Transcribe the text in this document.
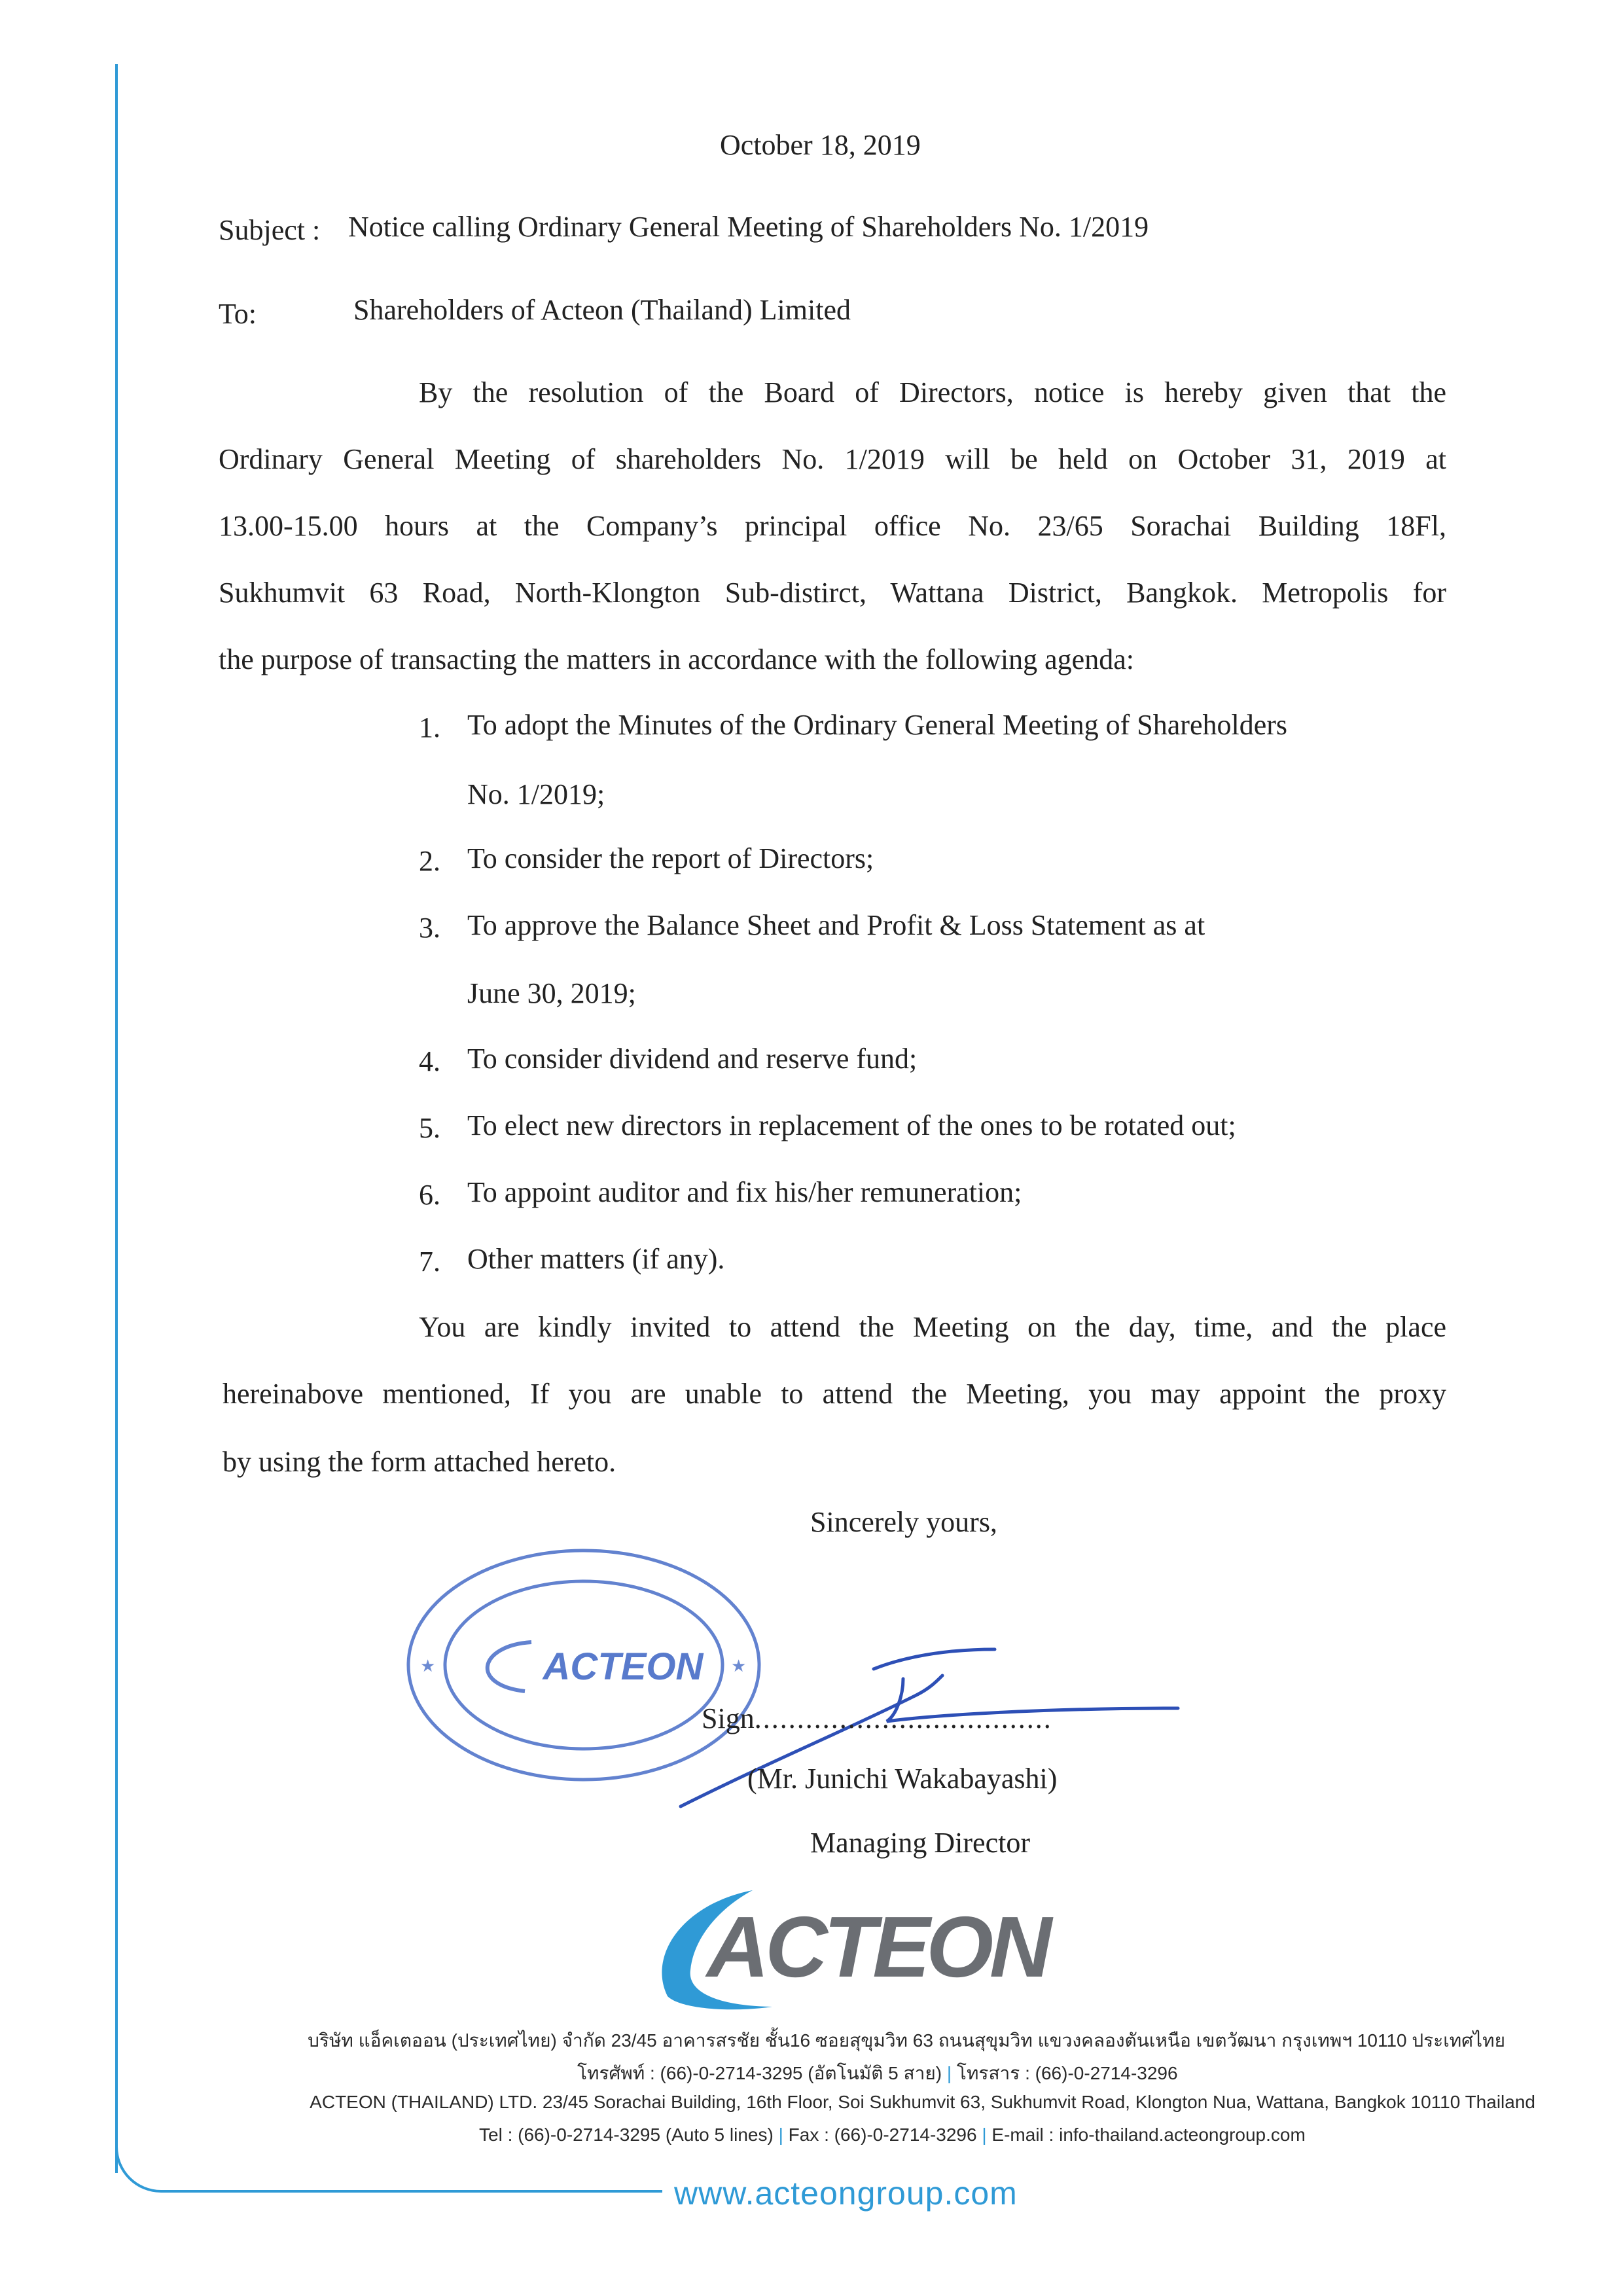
October 18, 2019
Subject : Notice calling Ordinary General Meeting of Shareholders No. 1/2019
To:	Shareholders of Acteon (Thailand) Limited
By the resolution of the Board of Directors, notice is hereby given that the
Ordinary General Meeting of shareholders No. 1/2019 will be held on October 31, 2019 at
13.00-15.00 hours at the Company’s principal office No. 23/65 Sorachai Building 18Fl,
Sukhumvit 63 Road, North-Klongton Sub-distirct, Wattana District, Bangkok. Metropolis for
the purpose of transacting the matters in accordance with the following agenda:
1. To adopt the Minutes of the Ordinary General Meeting of Shareholders
No. 1/2019;
2. To consider the report of Directors;
3. To approve the Balance Sheet and Profit & Loss Statement as at
June 30, 2019;
4. To consider dividend and reserve fund;
5. To elect new directors in replacement of the ones to be rotated out;
6. To appoint auditor and fix his/her remuneration;
7. Other matters (if any).
You are kindly invited to attend the Meeting on the day, time, and the place
hereinabove mentioned, If you are unable to attend the Meeting, you may appoint the proxy
by using the form attached hereto.
Sincerely yours,
ACTEON
★	★
Sign...................................
(Mr. Junichi Wakabayashi)
Managing Director
ACTEON
บริษัท แอ็คเตออน (ประเทศไทย) จำกัด 23/45 อาคารสรชัย ชั้น16 ซอยสุขุมวิท 63 ถนนสุขุมวิท แขวงคลองตันเหนือ เขตวัฒนา กรุงเทพฯ 10110 ประเทศไทย
โทรศัพท์ : (66)-0-2714-3295 (อัตโนมัติ 5 สาย) | โทรสาร : (66)-0-2714-3296
ACTEON (THAILAND) LTD. 23/45 Sorachai Building, 16th Floor, Soi Sukhumvit 63, Sukhumvit Road, Klongton Nua, Wattana, Bangkok 10110 Thailand
Tel : (66)-0-2714-3295 (Auto 5 lines) | Fax : (66)-0-2714-3296 | E-mail : info-thailand.acteongroup.com
www.acteongroup.com
